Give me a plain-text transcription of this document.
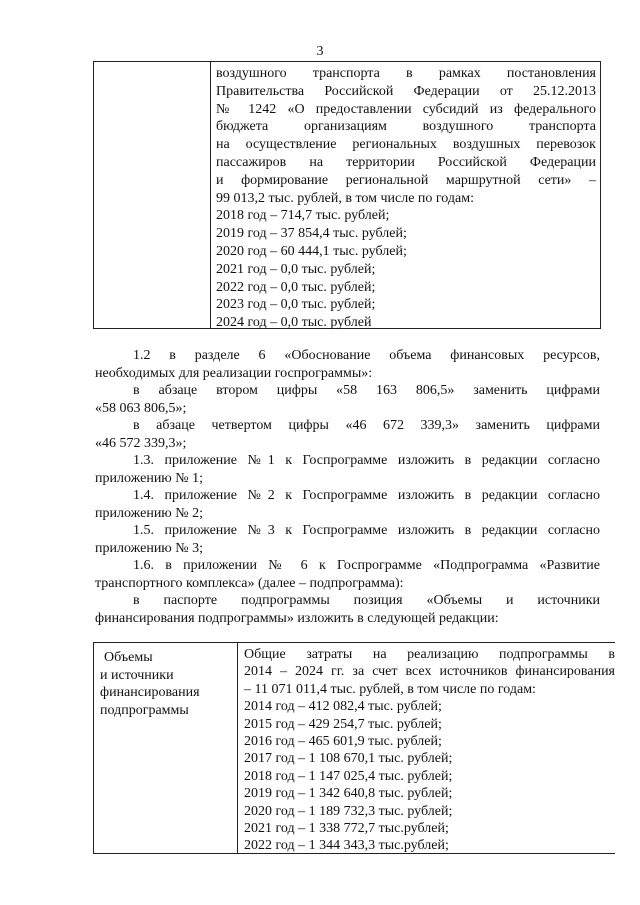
3
воздушного транспорта в рамках постановления
Правительства Российской Федерации от 25.12.2013
№ 1242 «О предоставлении субсидий из федерального
бюджета организациям воздушного транспорта
на осуществление региональных воздушных перевозок
пассажиров на территории Российской Федерации
и формирование региональной маршрутной сети» –
99 013,2 тыс. рублей, в том числе по годам:
2018 год – 714,7 тыс. рублей;
2019 год – 37 854,4 тыс. рублей;
2020 год – 60 444,1 тыс. рублей;
2021 год – 0,0 тыс. рублей;
2022 год – 0,0 тыс. рублей;
2023 год – 0,0 тыс. рублей;
2024 год – 0,0 тыс. рублей
1.2 в разделе 6 «Обоснование объема финансовых ресурсов,
необходимых для реализации госпрограммы»:
в абзаце втором цифры «58 163 806,5» заменить цифрами
«58 063 806,5»;
в абзаце четвертом цифры «46 672 339,3» заменить цифрами
«46 572 339,3»;
1.3. приложение №1 к Госпрограмме изложить в редакции согласно
приложению № 1;
1.4. приложение №2 к Госпрограмме изложить в редакции согласно
приложению № 2;
1.5. приложение №3 к Госпрограмме изложить в редакции согласно
приложению № 3;
1.6. в приложении № 6 к Госпрограмме «Подпрограмма «Развитие
транспортного комплекса» (далее – подпрограмма):
в паспорте подпрограммы позиция «Объемы и источники
финансирования подпрограммы» изложить в следующей редакции:
Объемы
и источники
финансирования
подпрограммы
Общие затраты на реализацию подпрограммы в
2014 – 2024 гг. за счет всех источников финансирования
– 11 071 011,4 тыс. рублей, в том числе по годам:
2014 год – 412 082,4 тыс. рублей;
2015 год – 429 254,7 тыс. рублей;
2016 год – 465 601,9 тыс. рублей;
2017 год – 1 108 670,1 тыс. рублей;
2018 год – 1 147 025,4 тыс. рублей;
2019 год – 1 342 640,8 тыс. рублей;
2020 год – 1 189 732,3 тыс. рублей;
2021 год – 1 338 772,7 тыс.рублей;
2022 год – 1 344 343,3 тыс.рублей;
